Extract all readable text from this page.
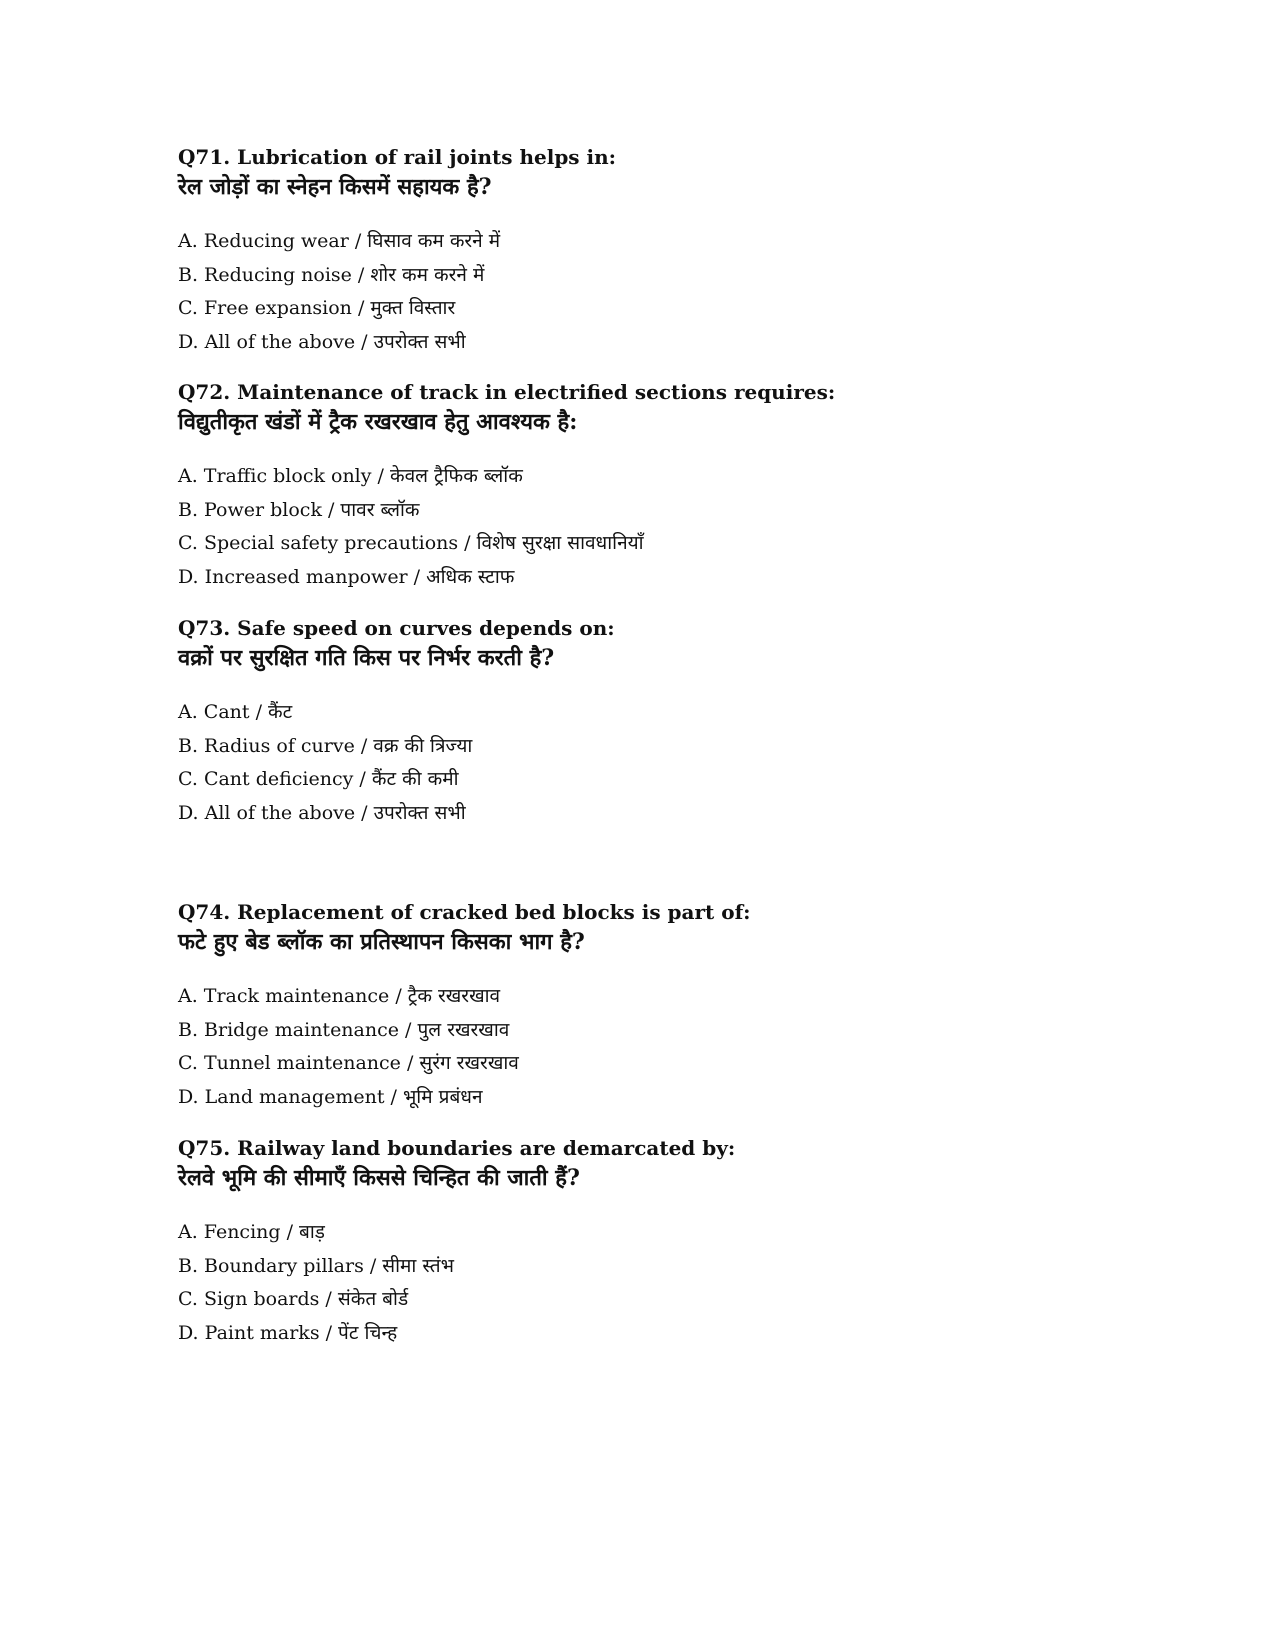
Q71. Lubrication of rail joints helps in:
रेल जोड़ों का स्नेहन किसमें सहायक है?
A. Reducing wear / घिसाव कम करने में
B. Reducing noise / शोर कम करने में
C. Free expansion / मुक्त विस्तार
D. All of the above / उपरोक्त सभी
Q72. Maintenance of track in electrified sections requires:
विद्युतीकृत खंडों में ट्रैक रखरखाव हेतु आवश्यक है:
A. Traffic block only / केवल ट्रैफिक ब्लॉक
B. Power block / पावर ब्लॉक
C. Special safety precautions / विशेष सुरक्षा सावधानियाँ
D. Increased manpower / अधिक स्टाफ
Q73. Safe speed on curves depends on:
वक्रों पर सुरक्षित गति किस पर निर्भर करती है?
A. Cant / कैंट
B. Radius of curve / वक्र की त्रिज्या
C. Cant deficiency / कैंट की कमी
D. All of the above / उपरोक्त सभी
Q74. Replacement of cracked bed blocks is part of:
फटे हुए बेड ब्लॉक का प्रतिस्थापन किसका भाग है?
A. Track maintenance / ट्रैक रखरखाव
B. Bridge maintenance / पुल रखरखाव
C. Tunnel maintenance / सुरंग रखरखाव
D. Land management / भूमि प्रबंधन
Q75. Railway land boundaries are demarcated by:
रेलवे भूमि की सीमाएँ किससे चिन्हित की जाती हैं?
A. Fencing / बाड़
B. Boundary pillars / सीमा स्तंभ
C. Sign boards / संकेत बोर्ड
D. Paint marks / पेंट चिन्ह
